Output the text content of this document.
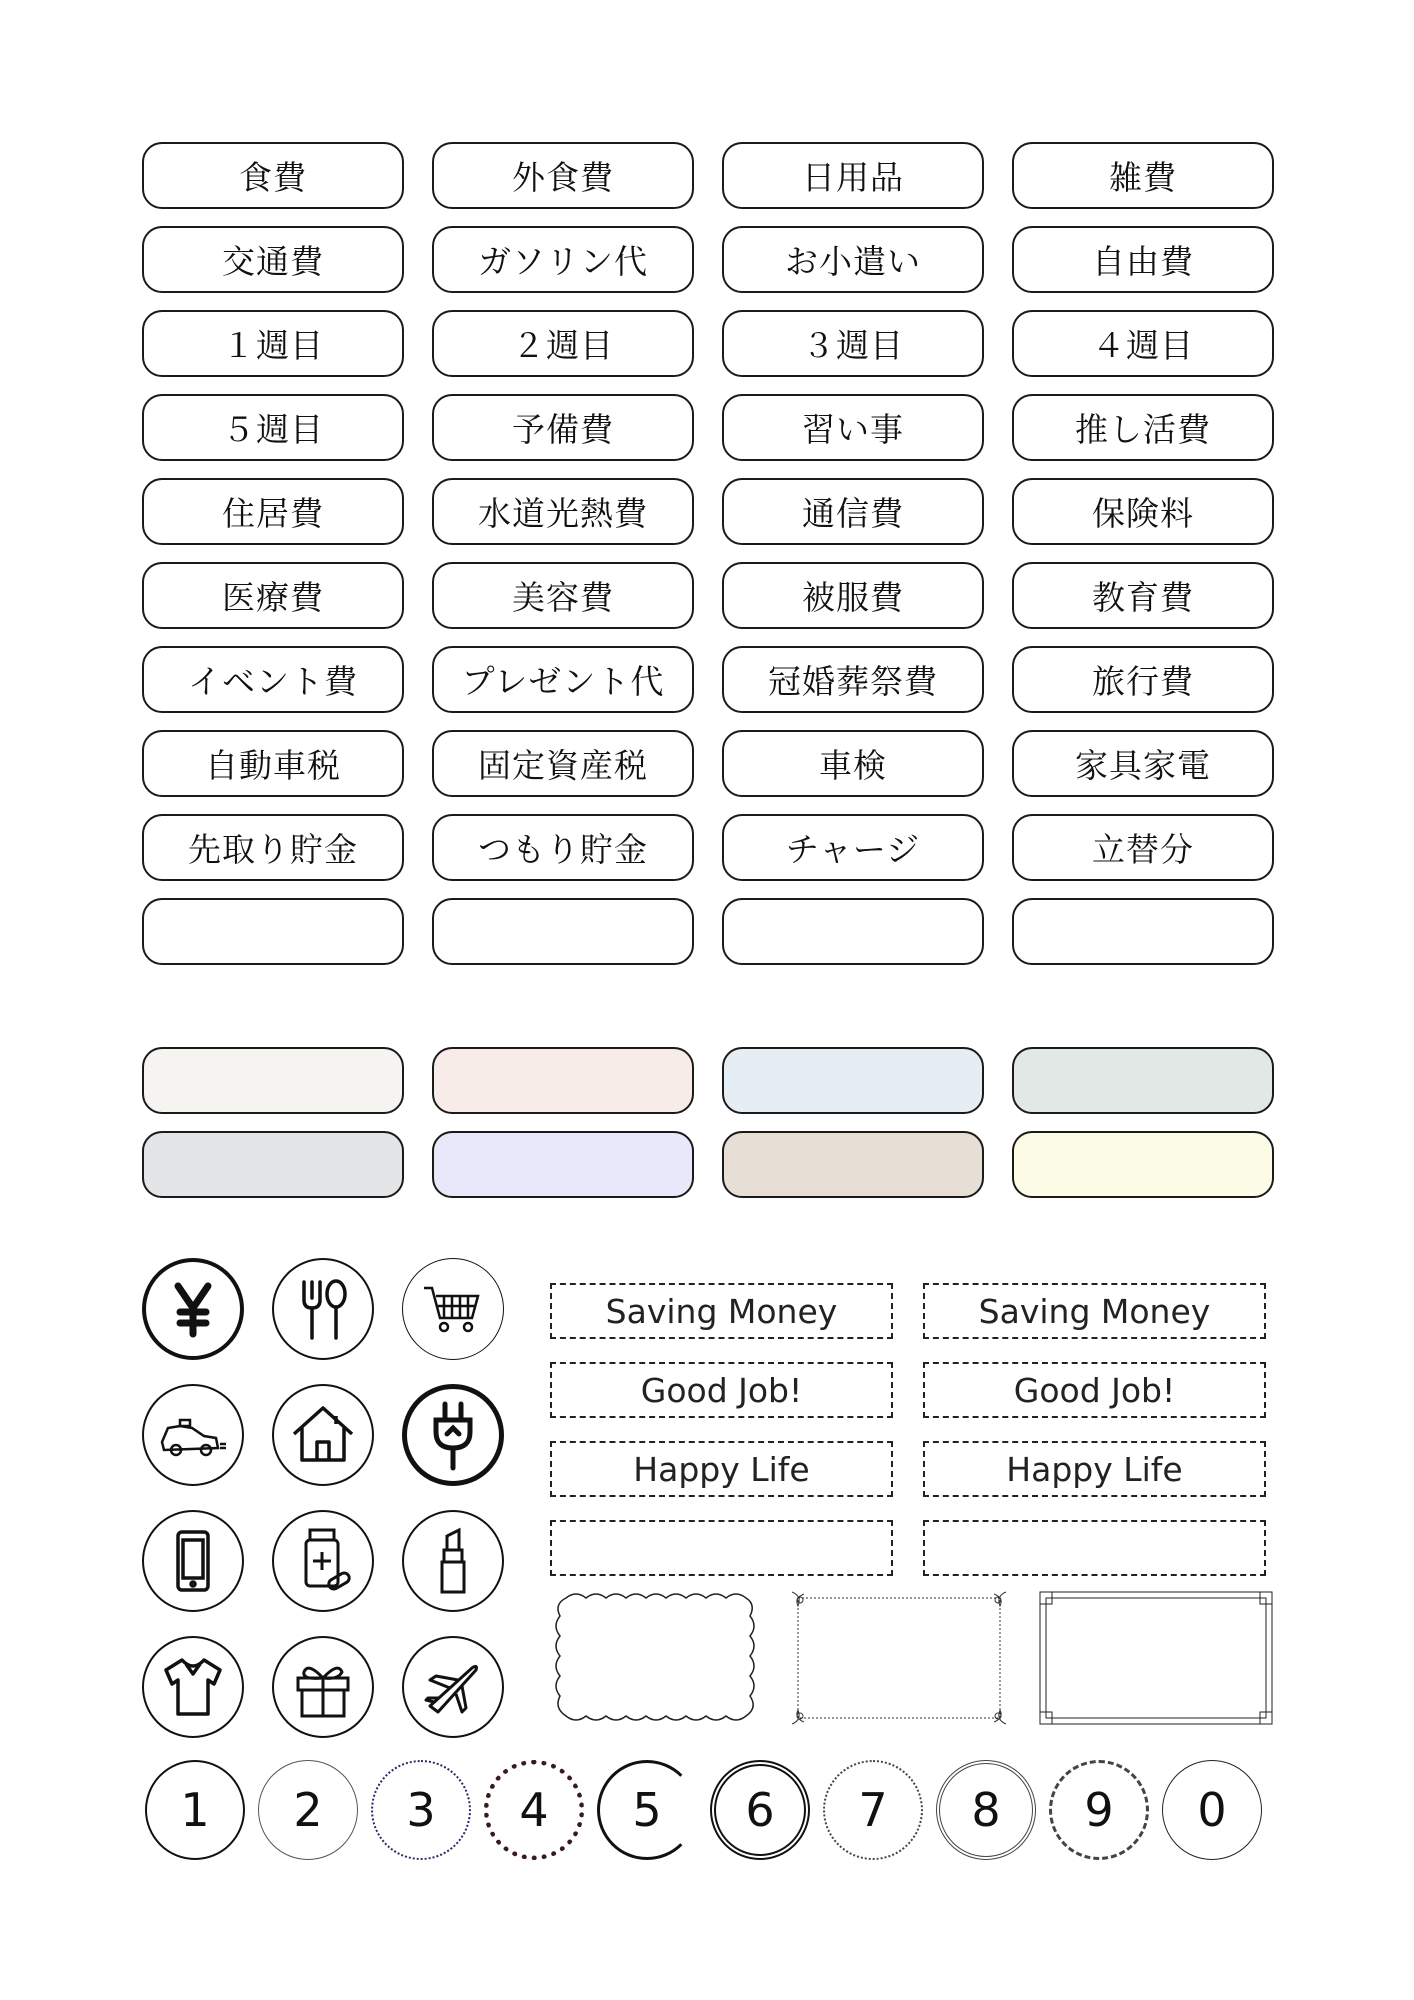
食費	外食費	日用品	雑費
交通費	ガソリン代	お小遣い	自由費
１週目	２週目	３週目	４週目
５週目	予備費	習い事	推し活費
住居費	水道光熱費	通信費	保険料
医療費	美容費	被服費	教育費
イベント費	プレゼント代	冠婚葬祭費	旅行費
自動車税	固定資産税	車検	家具家電
先取り貯金	つもり貯金	チャージ	立替分
Saving Money	Saving Money
Good Job!	Good Job!
Happy Life	Happy Life
1	2	3	4	5	6	7	8	9	0
